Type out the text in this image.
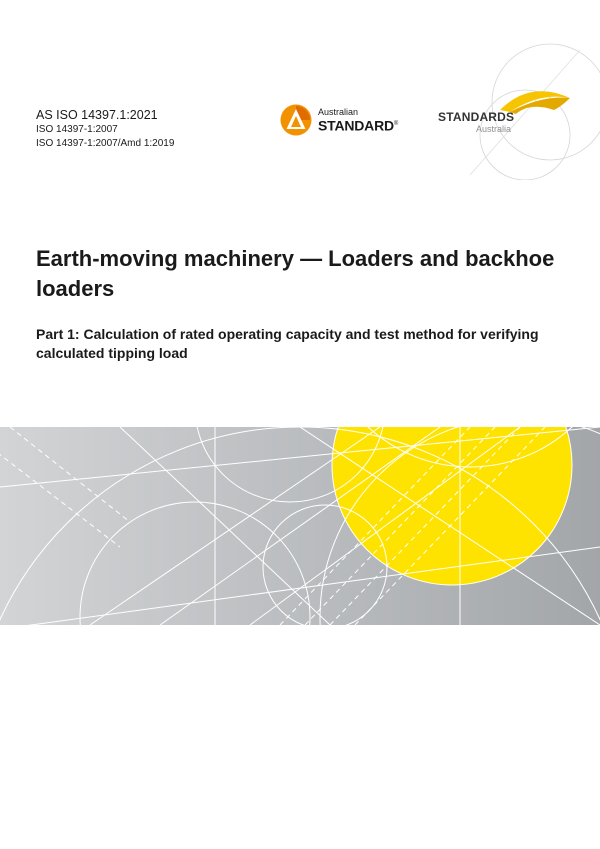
AS ISO 14397.1:2021
ISO 14397-1:2007
ISO 14397-1:2007/Amd 1:2019
Australian
STANDARD®	STANDARDS
Australia
Earth-moving machinery — Loaders and backhoe loaders
Part 1: Calculation of rated operating capacity and test method for verifying calculated tipping load
